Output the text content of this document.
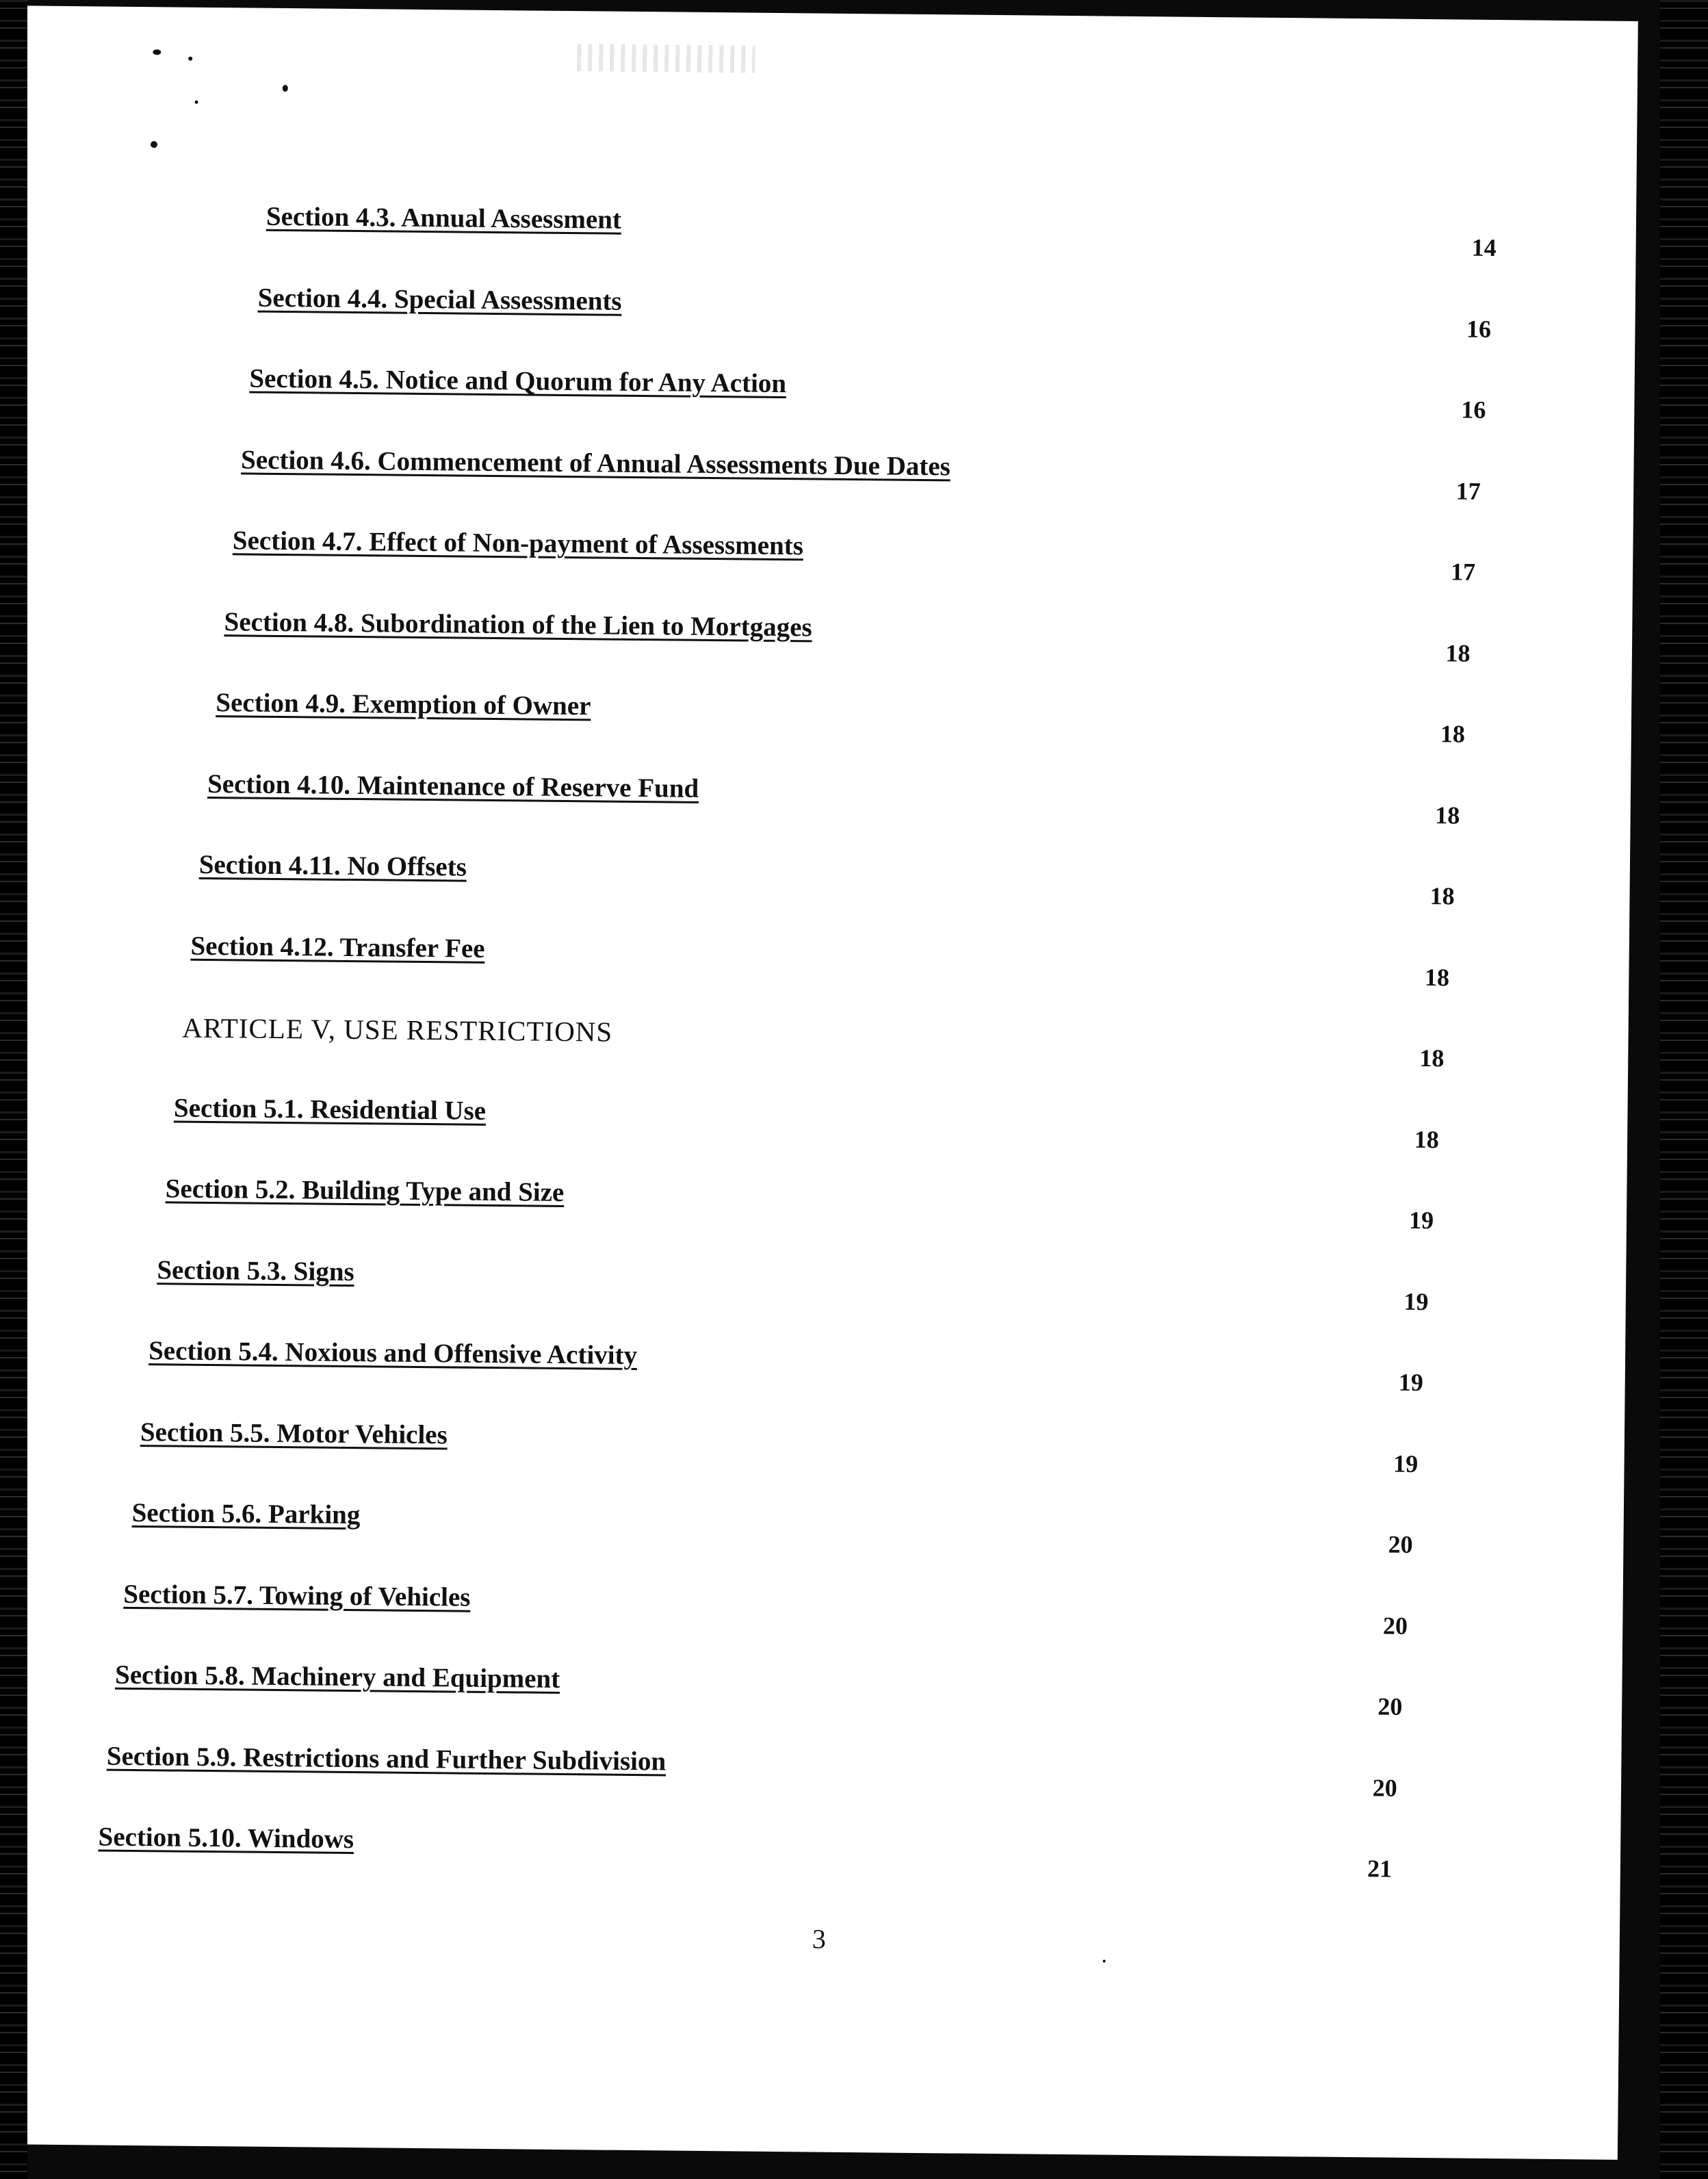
Section 4.3. Annual Assessment
14
Section 4.4. Special Assessments
16
Section 4.5. Notice and Quorum for Any Action
16
Section 4.6. Commencement of Annual Assessments Due Dates
17
Section 4.7. Effect of Non-payment of Assessments
17
Section 4.8. Subordination of the Lien to Mortgages
18
Section 4.9. Exemption of Owner
18
Section 4.10. Maintenance of Reserve Fund
18
Section 4.11. No Offsets
18
Section 4.12. Transfer Fee
18
ARTICLE V, USE RESTRICTIONS
18
Section 5.1. Residential Use
18
Section 5.2. Building Type and Size
19
Section 5.3. Signs
19
Section 5.4. Noxious and Offensive Activity
19
Section 5.5. Motor Vehicles
19
Section 5.6. Parking
20
Section 5.7. Towing of Vehicles
20
Section 5.8. Machinery and Equipment
20
Section 5.9. Restrictions and Further Subdivision
20
Section 5.10. Windows
21
3
